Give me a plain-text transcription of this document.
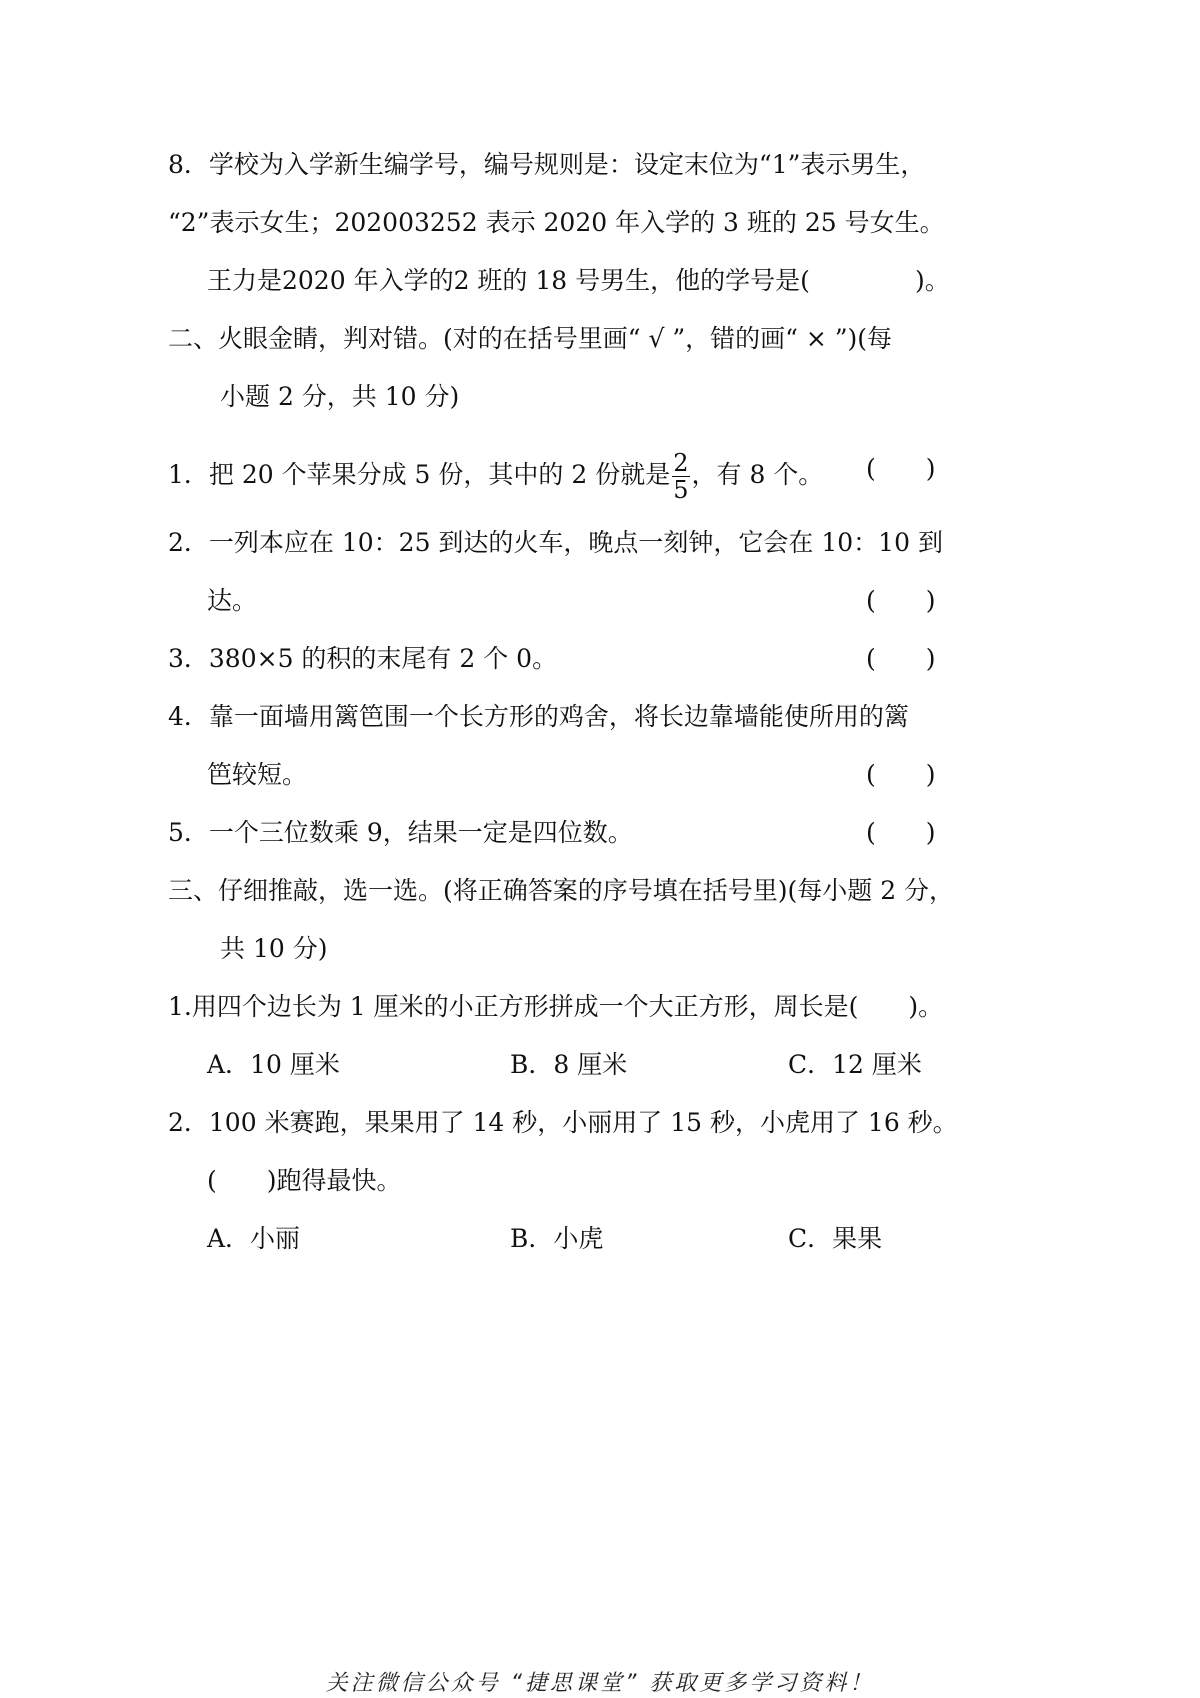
8．学校为入学新生编学号，编号规则是：设定末位为“1”表示男生，
“2”表示女生；202003252 表示 2020 年入学的 3 班的 25 号女生。
王力是2020 年入学的2 班的 18 号男生，他的学号是(	)。
二、火眼金睛，判对错。(对的在括号里画“ √ ”，错的画“ × ”)(每
小题 2 分，共 10 分)
1．把 20 个苹果分成 5 份，其中的 2 份就是 $\frac{2}{5}$ ，有 8 个。 (　　)
2．一列本应在 10：25 到达的火车，晚点一刻钟，它会在 10：10 到
达。	(　　)
3．380×5 的积的末尾有 2 个 0。	(　　)
4．靠一面墙用篱笆围一个长方形的鸡舍，将长边靠墙能使所用的篱
笆较短。	(　　)
5．一个三位数乘 9，结果一定是四位数。	(　　)
三、仔细推敲，选一选。(将正确答案的序号填在括号里)(每小题 2 分，
共 10 分)
1.用四个边长为 1 厘米的小正方形拼成一个大正方形，周长是(　　)。
A．10 厘米	B．8 厘米	C．12 厘米
2．100 米赛跑，果果用了 14 秒，小丽用了 15 秒，小虎用了 16 秒。
(　　)跑得最快。
A．小丽	B．小虎	C．果果
关注微信公众号 “捷思课堂” 获取更多学习资料！
